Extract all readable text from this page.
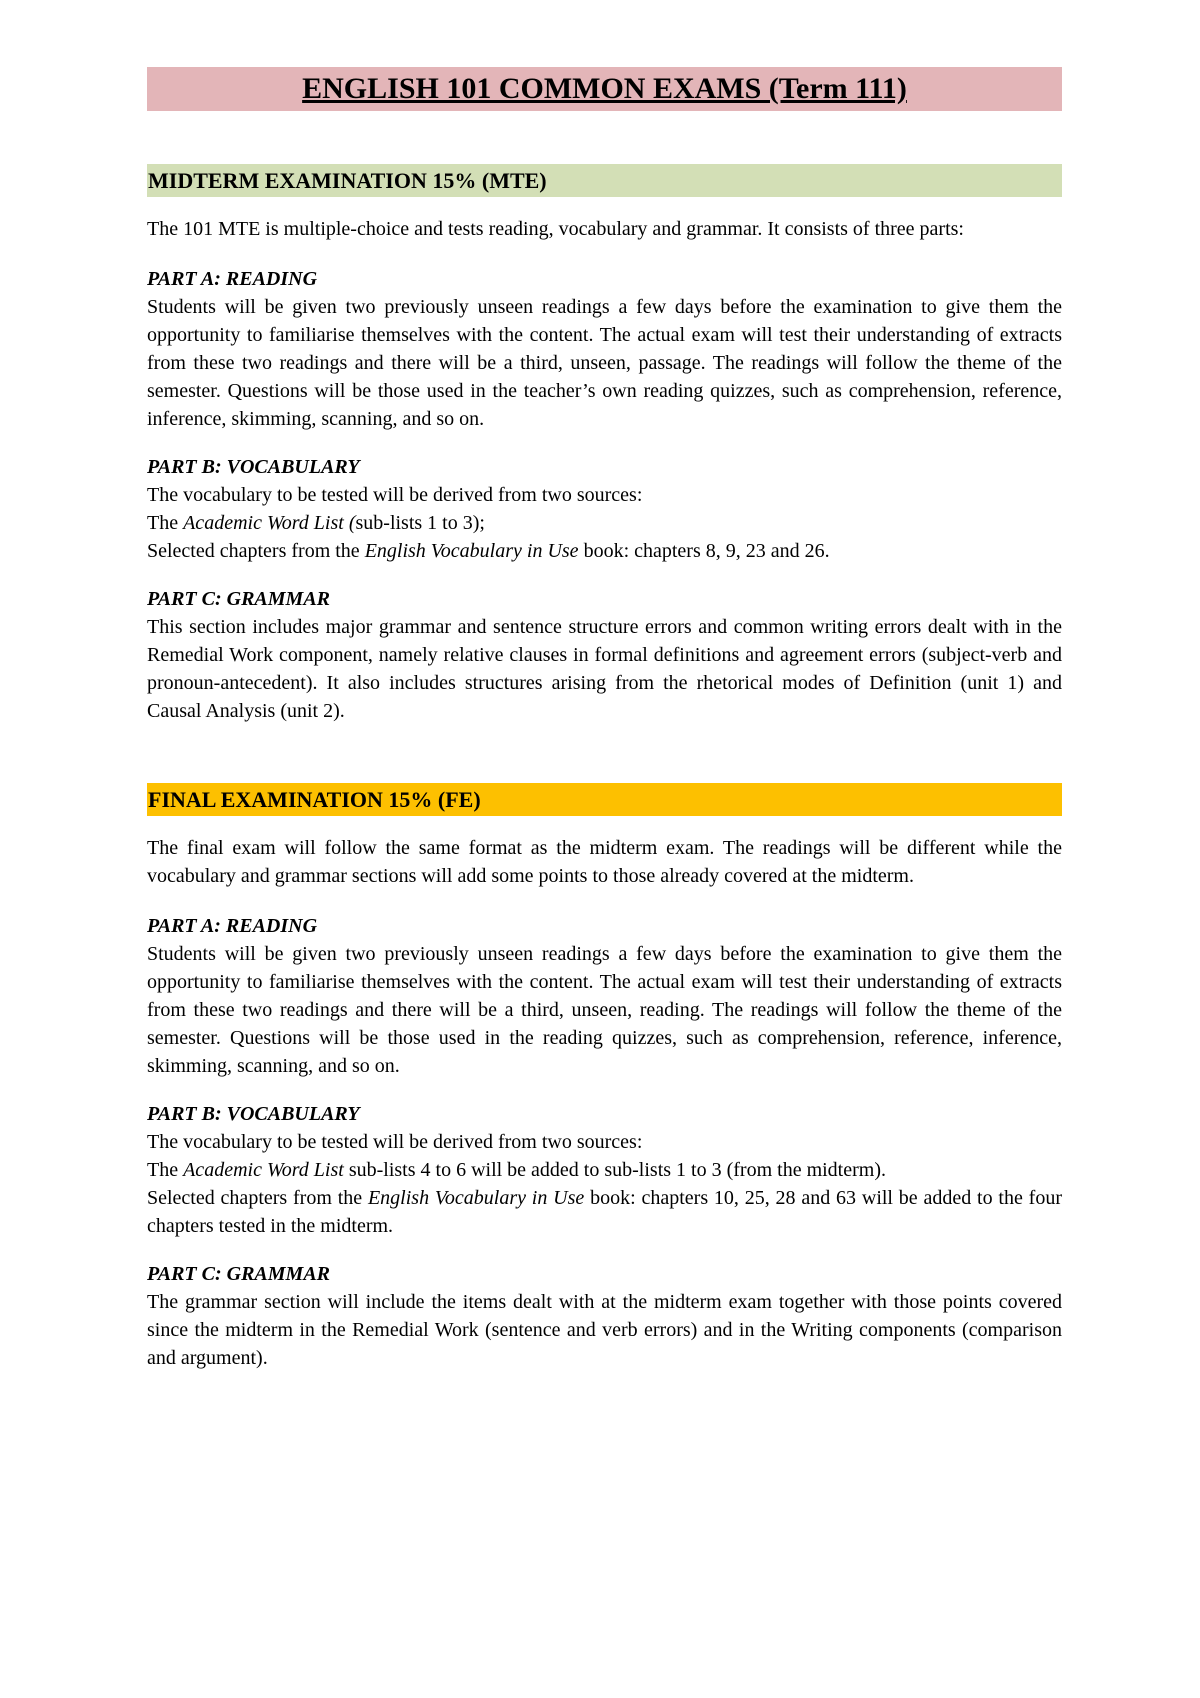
ENGLISH 101 COMMON EXAMS (Term 111)
MIDTERM EXAMINATION 15% (MTE)

The 101 MTE is multiple-choice and tests reading, vocabulary and grammar. It consists of three parts:

PART A: READING

Students will be given two previously unseen readings a few days before the examination to give them the opportunity to familiarise themselves with the content. The actual exam will test their understanding of extracts from these two readings and there will be a third, unseen, passage. The readings will follow the theme of the semester. Questions will be those used in the teacher’s own reading quizzes, such as comprehension, reference, inference, skimming, scanning, and so on.

PART B: VOCABULARY
The vocabulary to be tested will be derived from two sources:
The Academic Word List (sub-lists 1 to 3);
Selected chapters from the English Vocabulary in Use book: chapters 8, 9, 23 and 26.
PART C: GRAMMAR

This section includes major grammar and sentence structure errors and common writing errors dealt with in the Remedial Work component, namely relative clauses in formal definitions and agreement errors (subject-verb and pronoun-antecedent). It also includes structures arising from the rhetorical modes of Definition (unit 1) and Causal Analysis (unit 2).

FINAL EXAMINATION 15% (FE)

The final exam will follow the same format as the midterm exam. The readings will be different while the vocabulary and grammar sections will add some points to those already covered at the midterm.

PART A: READING

Students will be given two previously unseen readings a few days before the examination to give them the opportunity to familiarise themselves with the content. The actual exam will test their understanding of extracts from these two readings and there will be a third, unseen, reading. The readings will follow the theme of the semester. Questions will be those used in the reading quizzes, such as comprehension, reference, inference, skimming, scanning, and so on.

PART B: VOCABULARY
The vocabulary to be tested will be derived from two sources:
The Academic Word List sub-lists 4 to 6 will be added to sub-lists 1 to 3 (from the midterm).

Selected chapters from the English Vocabulary in Use book: chapters 10, 25, 28 and 63 will be added to the four chapters tested in the midterm.

PART C: GRAMMAR

The grammar section will include the items dealt with at the midterm exam together with those points covered since the midterm in the Remedial Work (sentence and verb errors) and in the Writing components (comparison and argument).
